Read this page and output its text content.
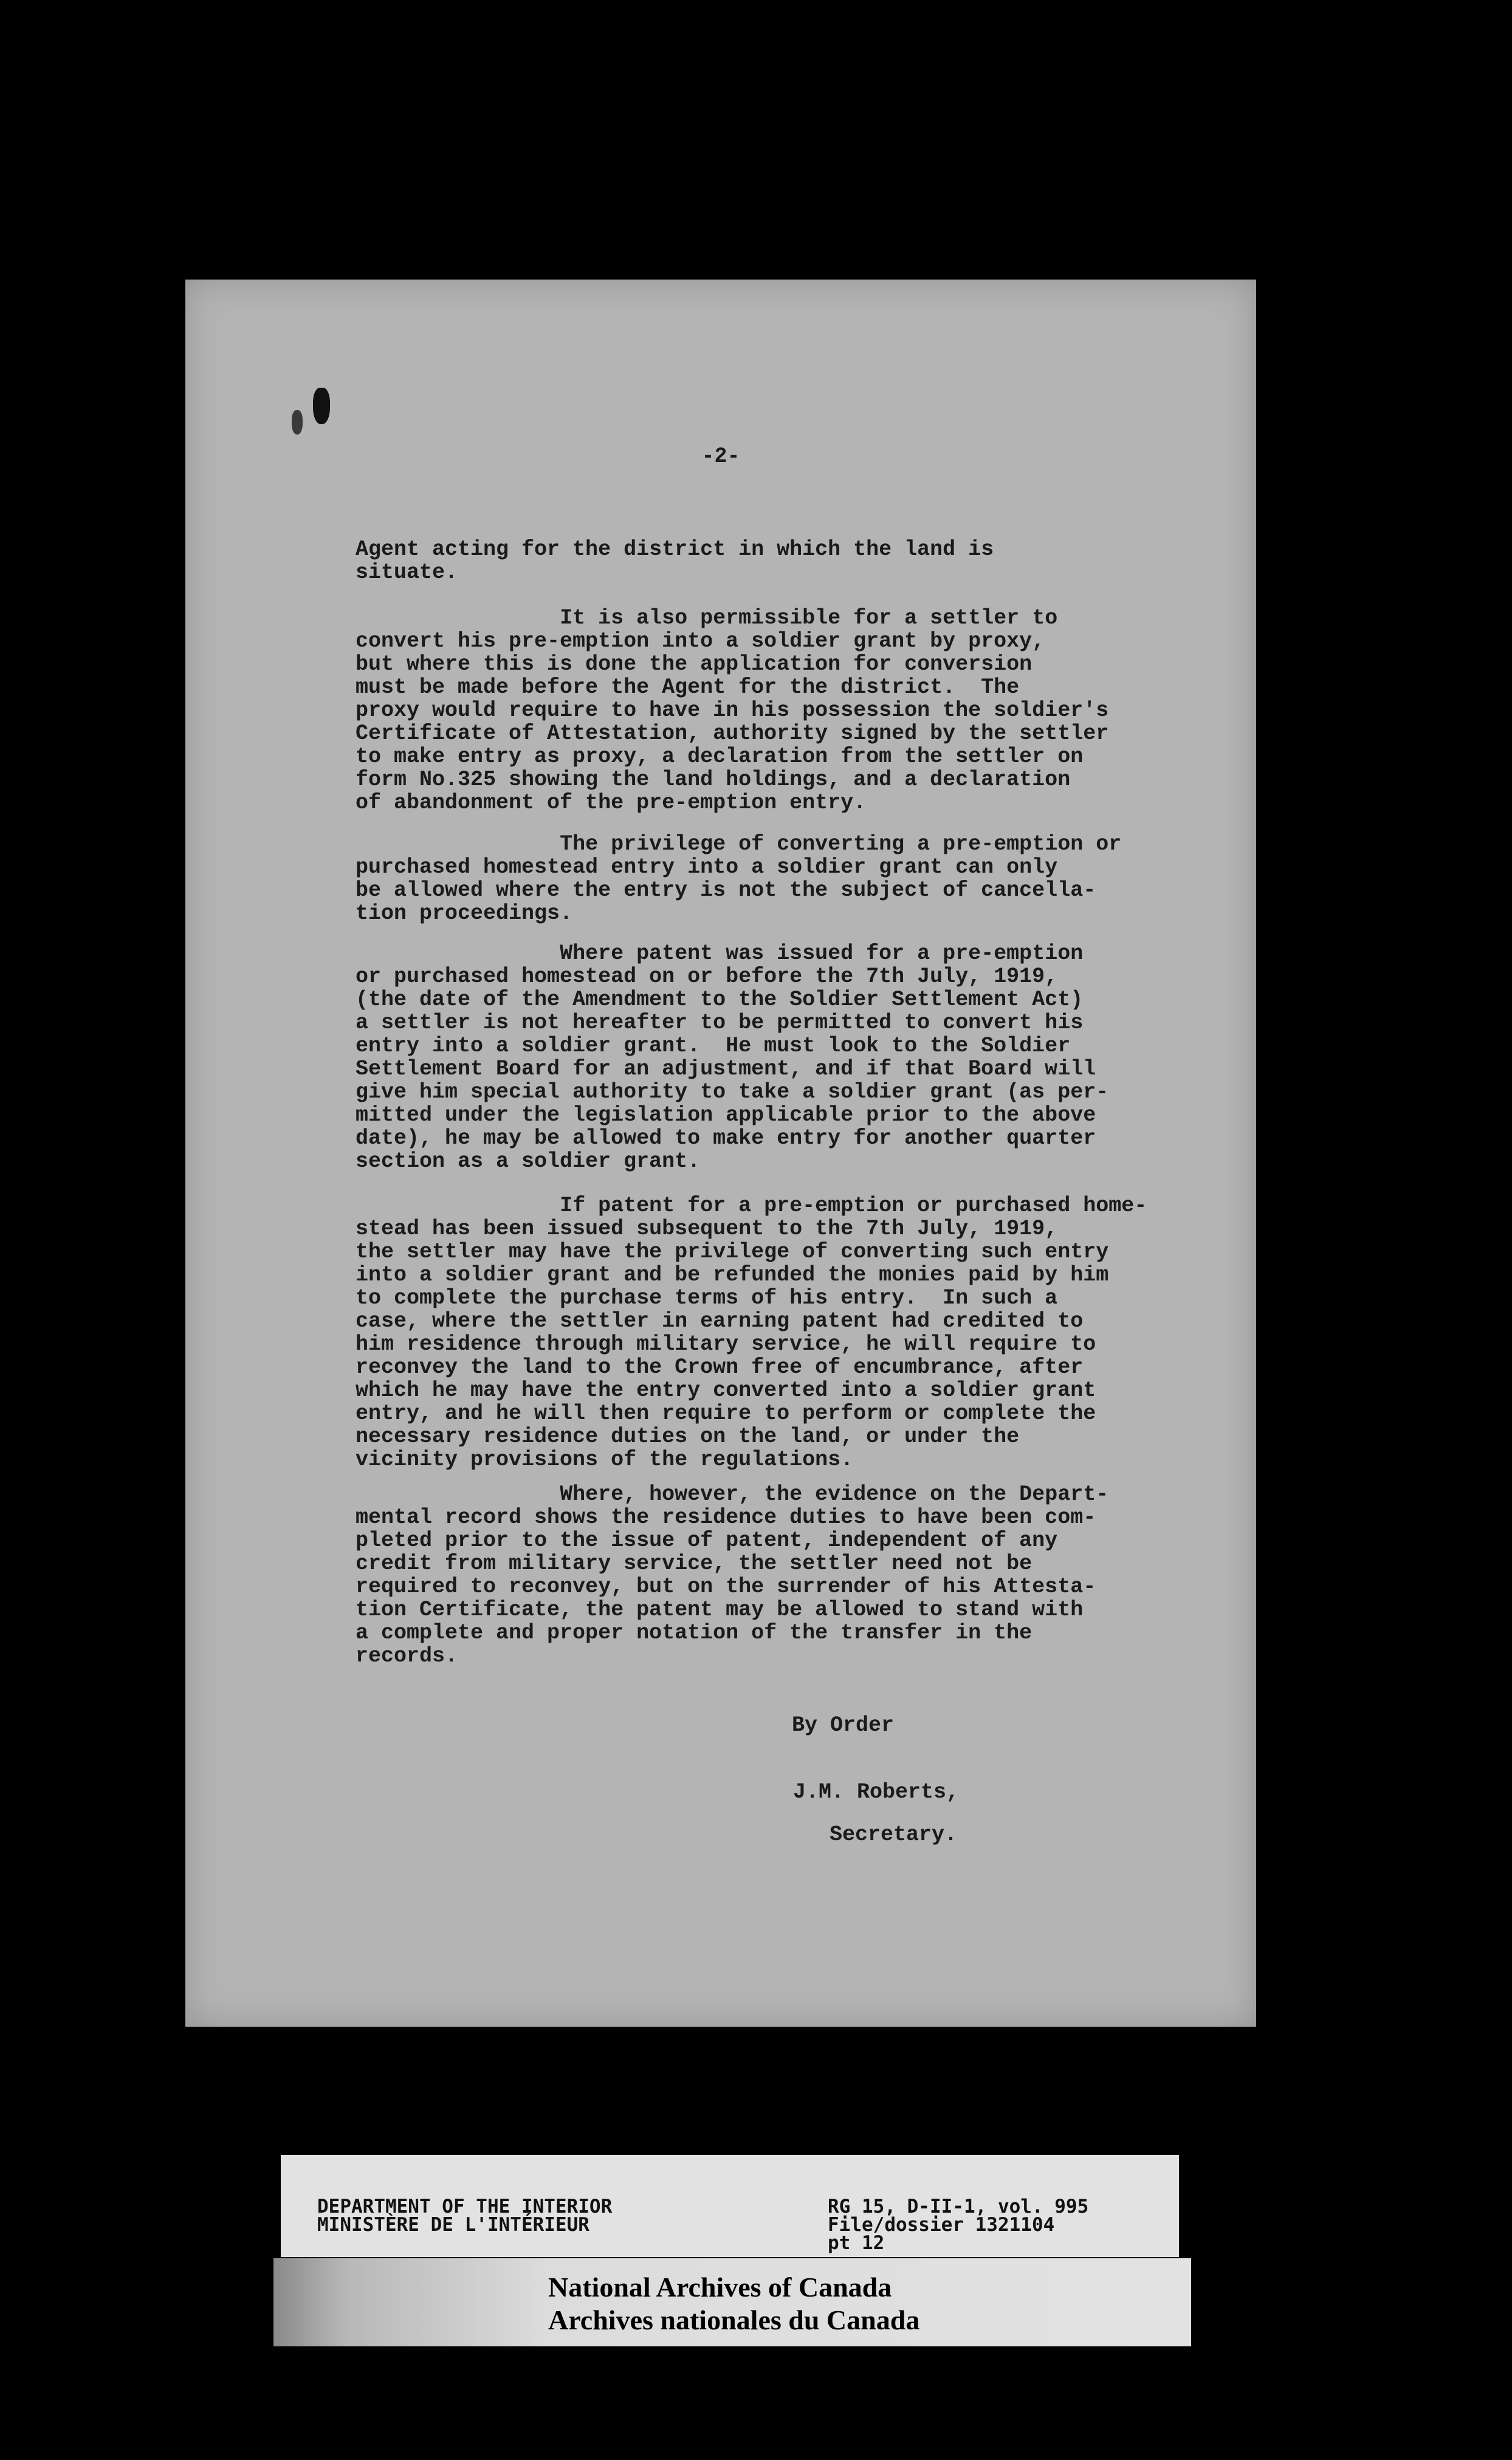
-2-

Agent acting for the district in which the land is
situate.

It is also permissible for a settler to
convert his pre-emption into a soldier grant by proxy,
but where this is done the application for conversion
must be made before the Agent for the district.  The
proxy would require to have in his possession the soldier's
Certificate of Attestation, authority signed by the settler
to make entry as proxy, a declaration from the settler on
form No.325 showing the land holdings, and a declaration
of abandonment of the pre-emption entry.

The privilege of converting a pre-emption or
purchased homestead entry into a soldier grant can only
be allowed where the entry is not the subject of cancella-
tion proceedings.

Where patent was issued for a pre-emption
or purchased homestead on or before the 7th July, 1919,
(the date of the Amendment to the Soldier Settlement Act)
a settler is not hereafter to be permitted to convert his
entry into a soldier grant.  He must look to the Soldier
Settlement Board for an adjustment, and if that Board will
give him special authority to take a soldier grant (as per-
mitted under the legislation applicable prior to the above
date), he may be allowed to make entry for another quarter
section as a soldier grant.

If patent for a pre-emption or purchased home-
stead has been issued subsequent to the 7th July, 1919,
the settler may have the privilege of converting such entry
into a soldier grant and be refunded the monies paid by him
to complete the purchase terms of his entry.  In such a
case, where the settler in earning patent had credited to
him residence through military service, he will require to
reconvey the land to the Crown free of encumbrance, after
which he may have the entry converted into a soldier grant
entry, and he will then require to perform or complete the
necessary residence duties on the land, or under the
vicinity provisions of the regulations.

Where, however, the evidence on the Depart-
mental record shows the residence duties to have been com-
pleted prior to the issue of patent, independent of any
credit from military service, the settler need not be
required to reconvey, but on the surrender of his Attesta-
tion Certificate, the patent may be allowed to stand with
a complete and proper notation of the transfer in the
records.

By Order
J.M. Roberts,
Secretary.
DEPARTMENT OF THE INTERIOR
MINISTÈRE DE L'INTÉRIEUR
RG 15, D-II-1, vol. 995
File/dossier 1321104
pt 12
National Archives of Canada
Archives nationales du Canada
